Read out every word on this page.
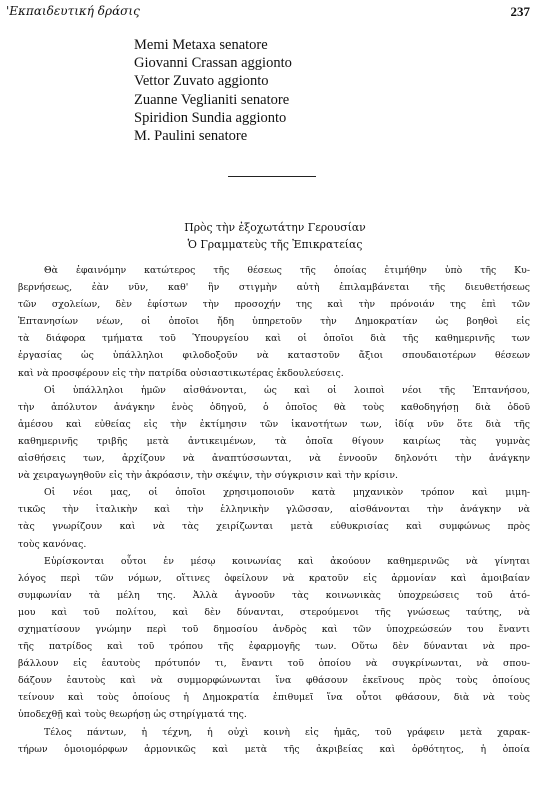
'Εκπαιδευτική δράσις	237
Memi Metaxa senatore
Giovanni Crassan aggionto
Vettor Zuvato aggionto
Zuanne Veglianiti senatore
Spiridion Sundia aggionto
M. Paulini senatore
Πρὸς τὴν ἐξοχωτάτην Γερουσίαν
Ὁ Γραμματεὺς τῆς Ἐπικρατείας

Θὰ ἐφαινόμην κατώτερος τῆς θέσεως τῆς ὁποίας ἐτιμήθην ὑπὸ τῆς Κυ-
βερνήσεως, ἐὰν νῦν, καθ' ἣν στιγμὴν αὐτὴ ἐπιλαμβάνεται τῆς διευθετήσεως
τῶν σχολείων, δὲν ἐφίστων τὴν προσοχήν της καὶ τὴν πρόνοιάν της ἐπὶ τῶν
Ἑπτανησίων νέων, οἱ ὁποῖοι ἤδη ὑπηρετοῦν τὴν Δημοκρατίαν ὡς βοηθοὶ εἰς
τὰ διάφορα τμήματα τοῦ Ὑπουργείου καὶ οἱ ὁποῖοι διὰ τῆς καθημερινῆς των
ἐργασίας ὡς ὑπάλληλοι φιλοδοξοῦν νὰ καταστοῦν ἄξιοι σπουδαιοτέρων θέσεων
καὶ νὰ προσφέρουν εἰς τὴν πατρίδα οὐσιαστικωτέρας ἐκδουλεύσεις.

Οἱ ὑπάλληλοι ἡμῶν αἰσθάνονται, ὡς καὶ οἱ λοιποὶ νέοι τῆς Ἑπτανήσου,
τὴν ἀπόλυτον ἀνάγκην ἑνὸς ὁδηγοῦ, ὁ ὁποῖος θὰ τοὺς καθοδηγήσῃ διὰ ὁδοῦ
ἀμέσου καὶ εὐθείας εἰς τὴν ἐκτίμησιν τῶν ἱκανοτήτων των, ἰδίᾳ νῦν ὅτε διὰ τῆς
καθημερινῆς τριβῆς μετὰ ἀντικειμένων, τὰ ὁποῖα θίγουν καιρίως τὰς γυμνὰς
αἰσθήσεις των, ἀρχίζουν νὰ ἀναπτύσσωνται, νὰ ἐννοοῦν δηλονότι τὴν ἀνάγκην
νὰ χειραγωγηθοῦν εἰς τὴν ἀκρόασιν, τὴν σκέψιν, τὴν σύγκρισιν καὶ τὴν κρίσιν.

Οἱ νέοι μας, οἱ ὁποῖοι χρησιμοποιοῦν κατὰ μηχανικὸν τρόπον καὶ μιμη-
τικῶς τὴν ἰταλικὴν καὶ τὴν ἑλληνικὴν γλῶσσαν, αἰσθάνονται τὴν ἀνάγκην νὰ
τὰς γνωρίζουν καὶ νὰ τὰς χειρίζωνται μετὰ εὐθυκρισίας καὶ συμφώνως πρὸς
τοὺς κανόνας.

Εὑρίσκονται οὗτοι ἐν μέσῳ κοινωνίας καὶ ἀκούουν καθημερινῶς νὰ γίνηται
λόγος περὶ τῶν νόμων, οἵτινες ὀφείλουν νὰ κρατοῦν εἰς ἁρμονίαν καὶ ἀμοιβαίαν
συμφωνίαν τὰ μέλη της. Ἀλλὰ ἀγνοοῦν τὰς κοινωνικὰς ὑποχρεώσεις τοῦ ἀτό-
μου καὶ τοῦ πολίτου, καὶ δὲν δύνανται, στερούμενοι τῆς γνώσεως ταύτης, νὰ
σχηματίσουν γνώμην περὶ τοῦ δημοσίου ἀνδρὸς καὶ τῶν ὑποχρεώσεών του ἔναντι
τῆς πατρίδος καὶ τοῦ τρόπου τῆς ἐφαρμογῆς των. Οὕτω δὲν δύνανται νὰ προ-
βάλλουν εἰς ἑαυτοὺς πρότυπόν τι, ἔναντι τοῦ ὁποίου νὰ συγκρίνωνται, νὰ σπου-
δάζουν ἑαυτοὺς καὶ νὰ συμμορφώνωνται ἵνα φθάσουν ἐκεῖνους πρὸς τοὺς ὁποίους
τείνουν καὶ τοὺς ὁποίους ἡ Δημοκρατία ἐπιθυμεῖ ἵνα οὗτοι φθάσουν, διὰ νὰ τοὺς
ὑποδεχθῇ καὶ τοὺς θεωρήσῃ ὡς στηρίγματά της.

Τέλος πάντων, ἡ τέχνη, ἡ οὐχὶ κοινὴ εἰς ἡμᾶς, τοῦ γράφειν μετὰ χαρακ-
τήρων ὁμοιομόρφων ἁρμονικῶς καὶ μετὰ τῆς ἀκριβείας καὶ ὀρθότητος, ἡ ὁποία
